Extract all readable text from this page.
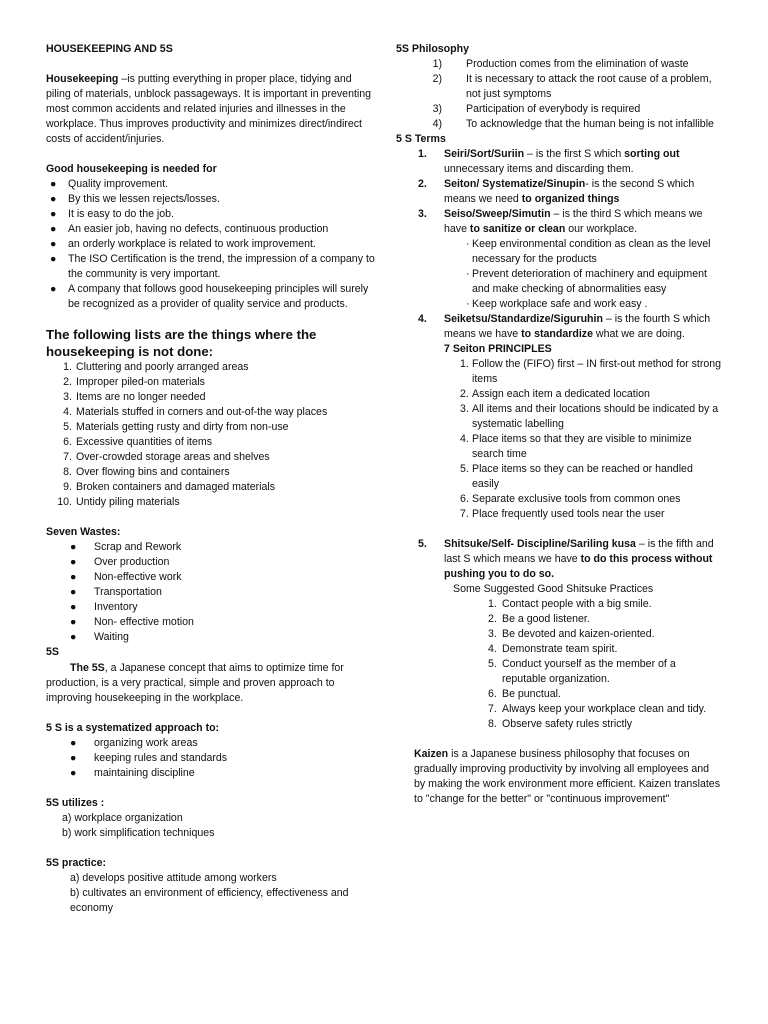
HOUSEKEEPING AND 5S

Housekeeping –is putting everything in proper place, tidying and piling of materials, unblock passageways. It is important in preventing most common accidents and related injuries and illnesses in the workplace. Thus improves productivity and minimizes direct/indirect costs of accident/injuries.

Good housekeeping is needed for

●	Quality improvement.
●	By this we lessen rejects/losses.
●	It is easy to do the job.
●	An easier job, having no defects, continuous production
●	an orderly workplace is related to work improvement.
●	The ISO Certification is the trend, the impression of a company to the community is very important.
●	A company that follows good housekeeping principles will surely be recognized as a provider of quality service and products.

The following lists are the things where the housekeeping is not done:

1. Cluttering and poorly arranged areas
2. Improper piled-on materials
3. Items are no longer needed
4. Materials stuffed in corners and out-of-the way places
5. Materials getting rusty and dirty from non-use
6. Excessive quantities of items
7. Over-crowded storage areas and shelves
8. Over flowing bins and containers
9. Broken containers and damaged materials
10. Untidy piling materials

Seven Wastes:

●	Scrap and Rework
●	Over production
●	Non-effective work
●	Transportation
●	Inventory
●	Non- effective motion
●	Waiting

5S

The 5S, a Japanese concept that aims to optimize time for production, is a very practical, simple and proven approach to improving housekeeping in the workplace.

5 S is a systematized approach to:

●	organizing work areas
●	keeping rules and standards
●	maintaining discipline

5S utilizes :

a) workplace organization
b) work simplification techniques

5S practice:

a) develops positive attitude among workers
b) cultivates an environment of efficiency, effectiveness and economy

5S Philosophy

1)	Production comes from the elimination of waste
2)	It is necessary to attack the root cause of a problem, not just symptoms
3)	Participation of everybody is required
4)	To acknowledge that the human being is not infallible

5 S Terms

1.	Seiri/Sort/Suriin – is the first S which sorting out unnecessary items and discarding them.
2.	Seiton/ Systematize/Sinupin- is the second S which means we need to organized things
3.	Seiso/Sweep/Simutin – is the third S which means we have to sanitize or clean our workplace.
· Keep environmental condition as clean as the level necessary for the products
· Prevent deterioration of machinery and equipment and make checking of abnormalities easy
· Keep workplace safe and work easy .
4.	Seiketsu/Standardize/Siguruhin – is the fourth S which means we have to standardize what we are doing.

7 Seiton PRINCIPLES

1. Follow the (FIFO) first – IN first-out method for strong items
2. Assign each item a dedicated location
3. All items and their locations should be indicated by a systematic labelling
4. Place items so that they are visible to minimize search time
5. Place items so they can be reached or handled easily
6. Separate exclusive tools from common ones
7. Place frequently used tools near the user
5.	Shitsuke/Self- Discipline/Sariling kusa – is the fifth and last S which means we have to do this process without pushing you to do so.

Some Suggested Good Shitsuke Practices

1. Contact people with a big smile.
2. Be a good listener.
3. Be devoted and kaizen-oriented.
4. Demonstrate team spirit.
5. Conduct yourself as the member of a reputable organization.
6. Be punctual.
7. Always keep your workplace clean and tidy.
8. Observe safety rules strictly

Kaizen is a Japanese business philosophy that focuses on gradually improving productivity by involving all employees and by making the work environment more efficient. Kaizen translates to "change for the better" or "continuous improvement"
